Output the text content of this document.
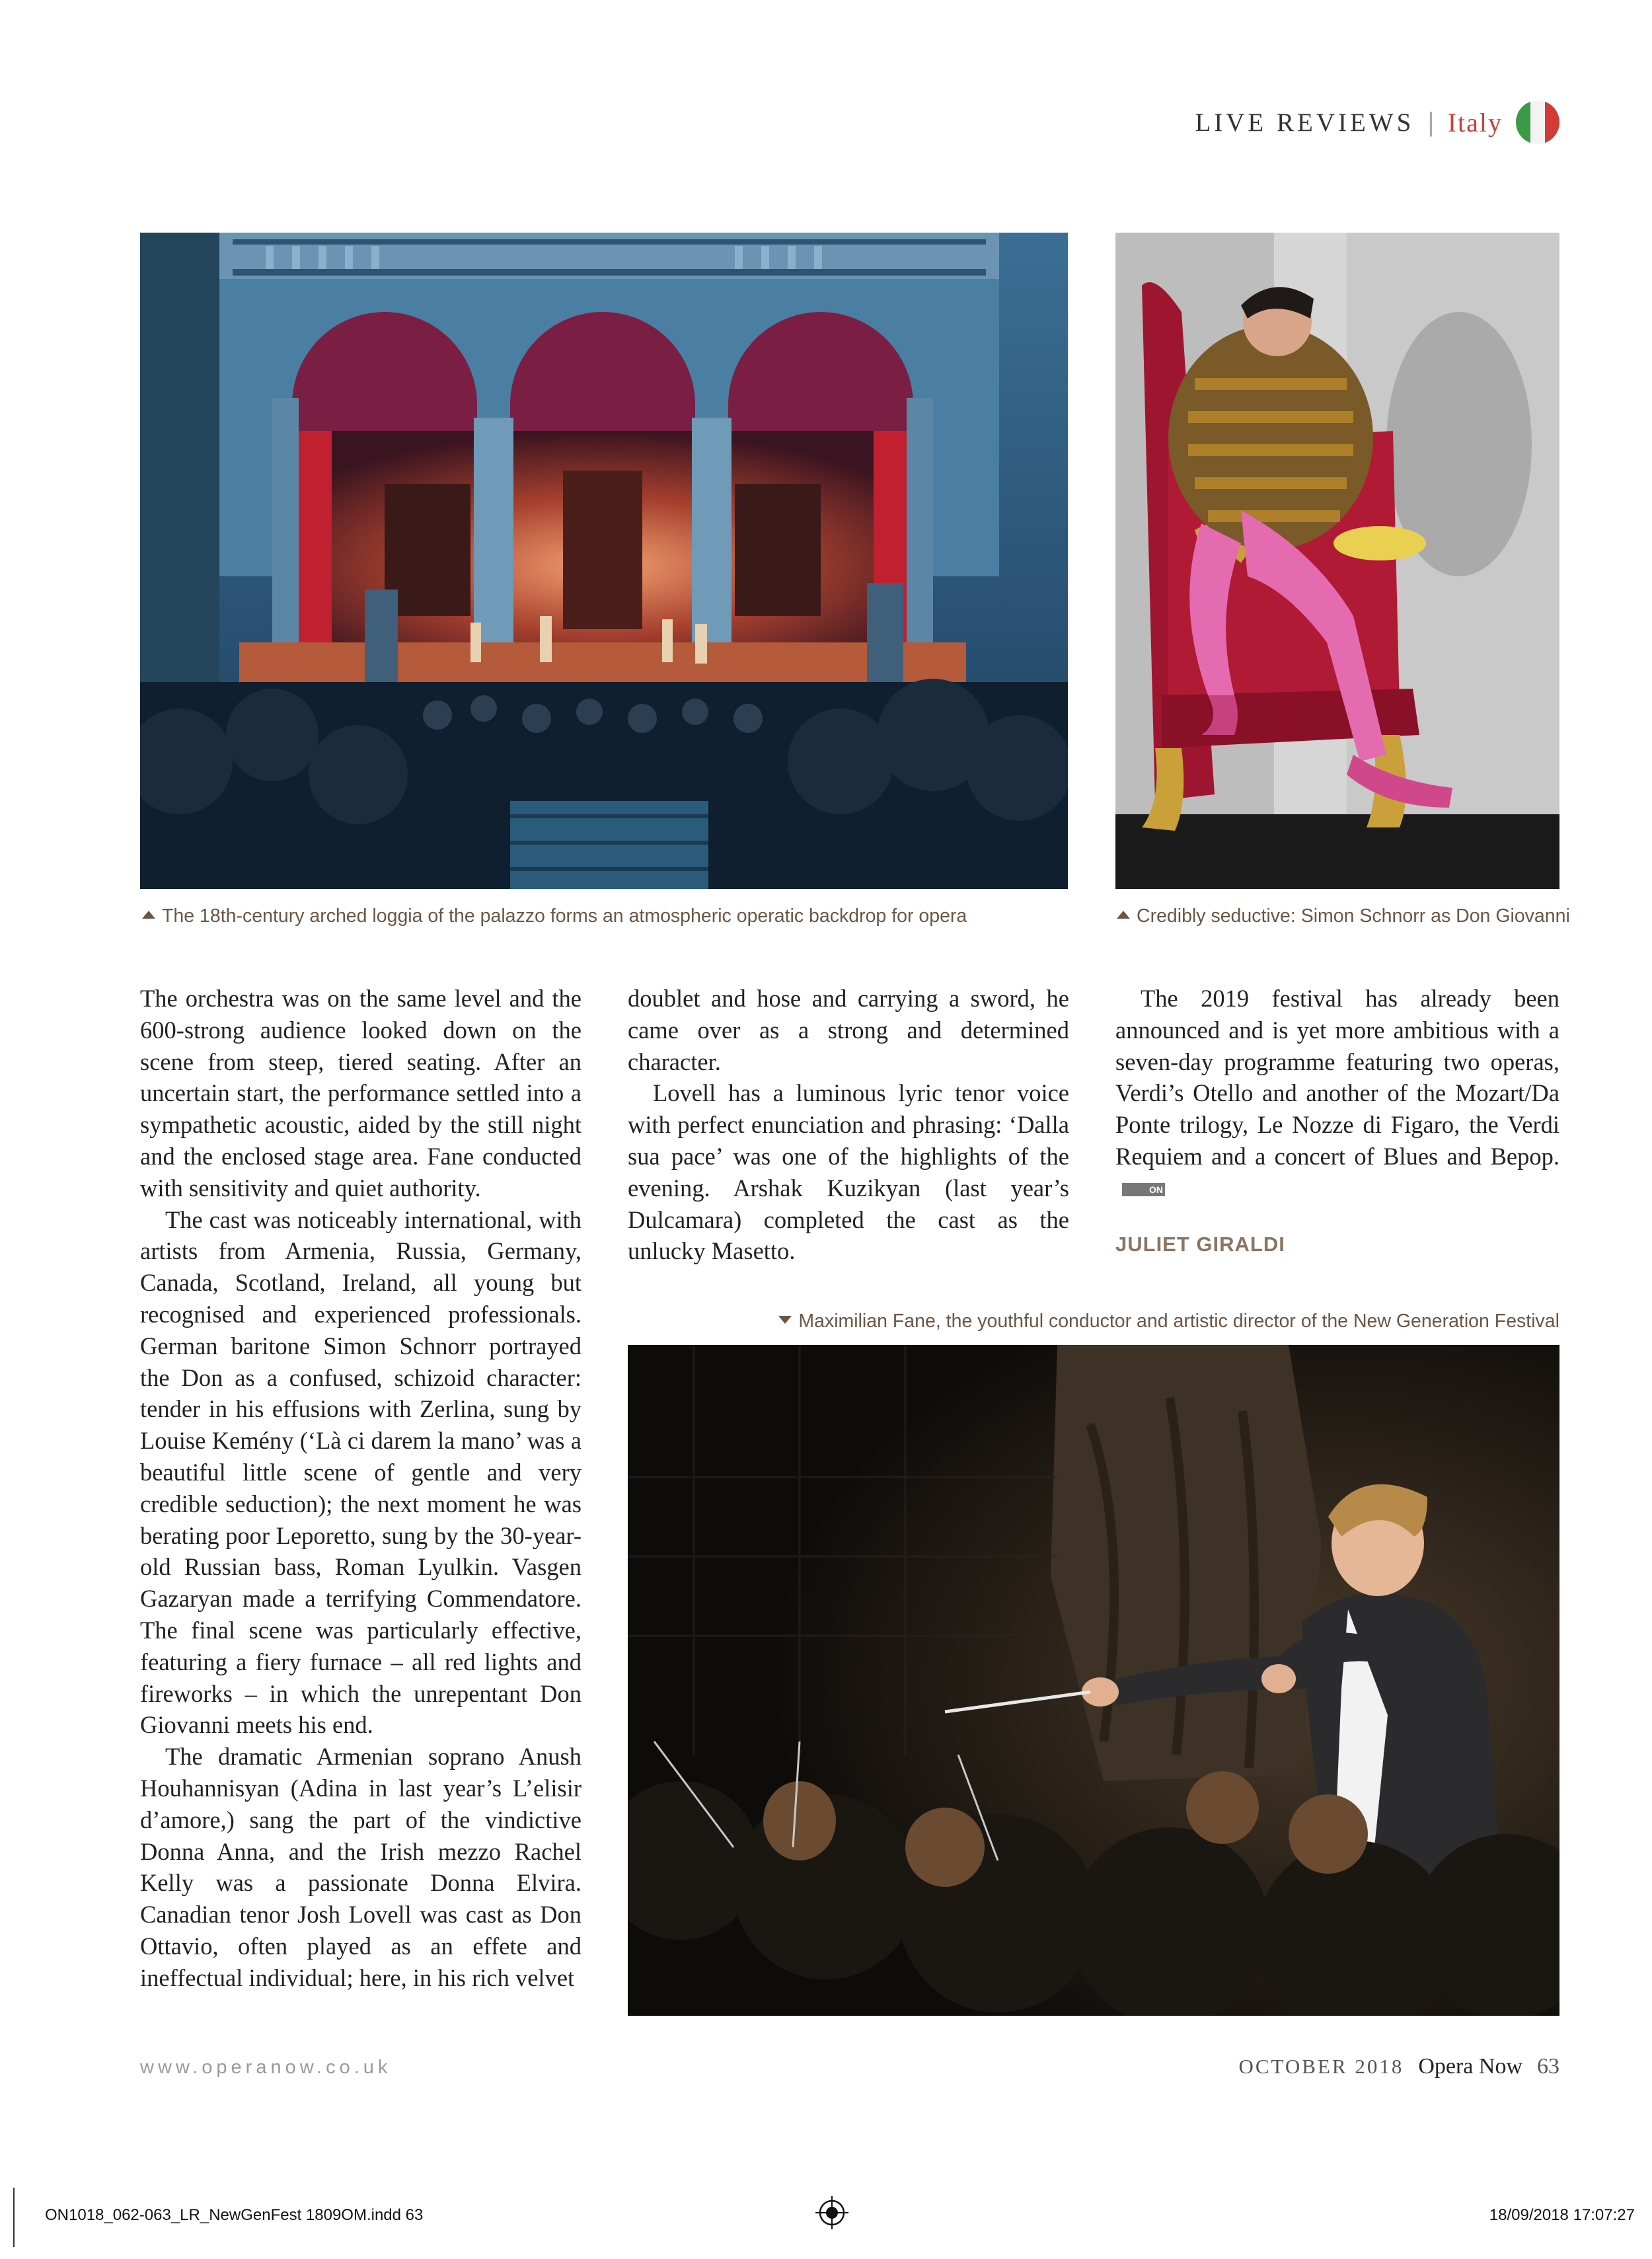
LIVE REVIEWS | Italy
The 18th-century arched loggia of the palazzo forms an atmospheric operatic backdrop for opera	Credibly seductive: Simon Schnorr as Don Giovanni

The orchestra was on the same level and the 600-strong audience looked down on the scene from steep, tiered seating. After an uncertain start, the performance settled into a sympathetic acoustic, aided by the still night and the enclosed stage area. Fane conducted with sensitivity and quiet authority.

The cast was noticeably international, with artists from Armenia, Russia, Germany, Canada, Scotland, Ireland, all young but recognised and experienced professionals. German baritone Simon Schnorr portrayed the Don as a confused, schizoid character: tender in his effusions with Zerlina, sung by Louise Kemény (‘Là ci darem la mano’ was a beautiful little scene of gentle and very credible seduction); the next moment he was berating poor Leporetto, sung by the 30-year-old Russian bass, Roman Lyulkin. Vasgen Gazaryan made a terrifying Commendatore. The final scene was particularly effective, featuring a fiery furnace – all red lights and fireworks – in which the unrepentant Don Giovanni meets his end.

The dramatic Armenian soprano Anush Houhannisyan (Adina in last year’s L’elisir d’amore,) sang the part of the vindictive Donna Anna, and the Irish mezzo Rachel Kelly was a passionate Donna Elvira. Canadian tenor Josh Lovell was cast as Don Ottavio, often played as an effete and ineffectual individual; here, in his rich velvet

doublet and hose and carrying a sword, he came over as a strong and determined character.

Lovell has a luminous lyric tenor voice with perfect enunciation and phrasing: ‘Dalla sua pace’ was one of the highlights of the evening. Arshak Kuzikyan (last year’s Dulcamara) completed the cast as the unlucky Masetto.

The 2019 festival has already been announced and is yet more ambitious with a seven-day programme featuring two operas, Verdi’s Otello and another of the Mozart/Da Ponte trilogy, Le Nozze di Figaro, the Verdi Requiem and a concert of Blues and Bepop.ON

JULIET GIRALDI
Maximilian Fane, the youthful conductor and artistic director of the New Generation Festival
www.operanow.co.uk	OCTOBER 2018 Opera Now 63
ON1018_062-063_LR_NewGenFest 1809OM.indd 63	18/09/2018 17:07:27
